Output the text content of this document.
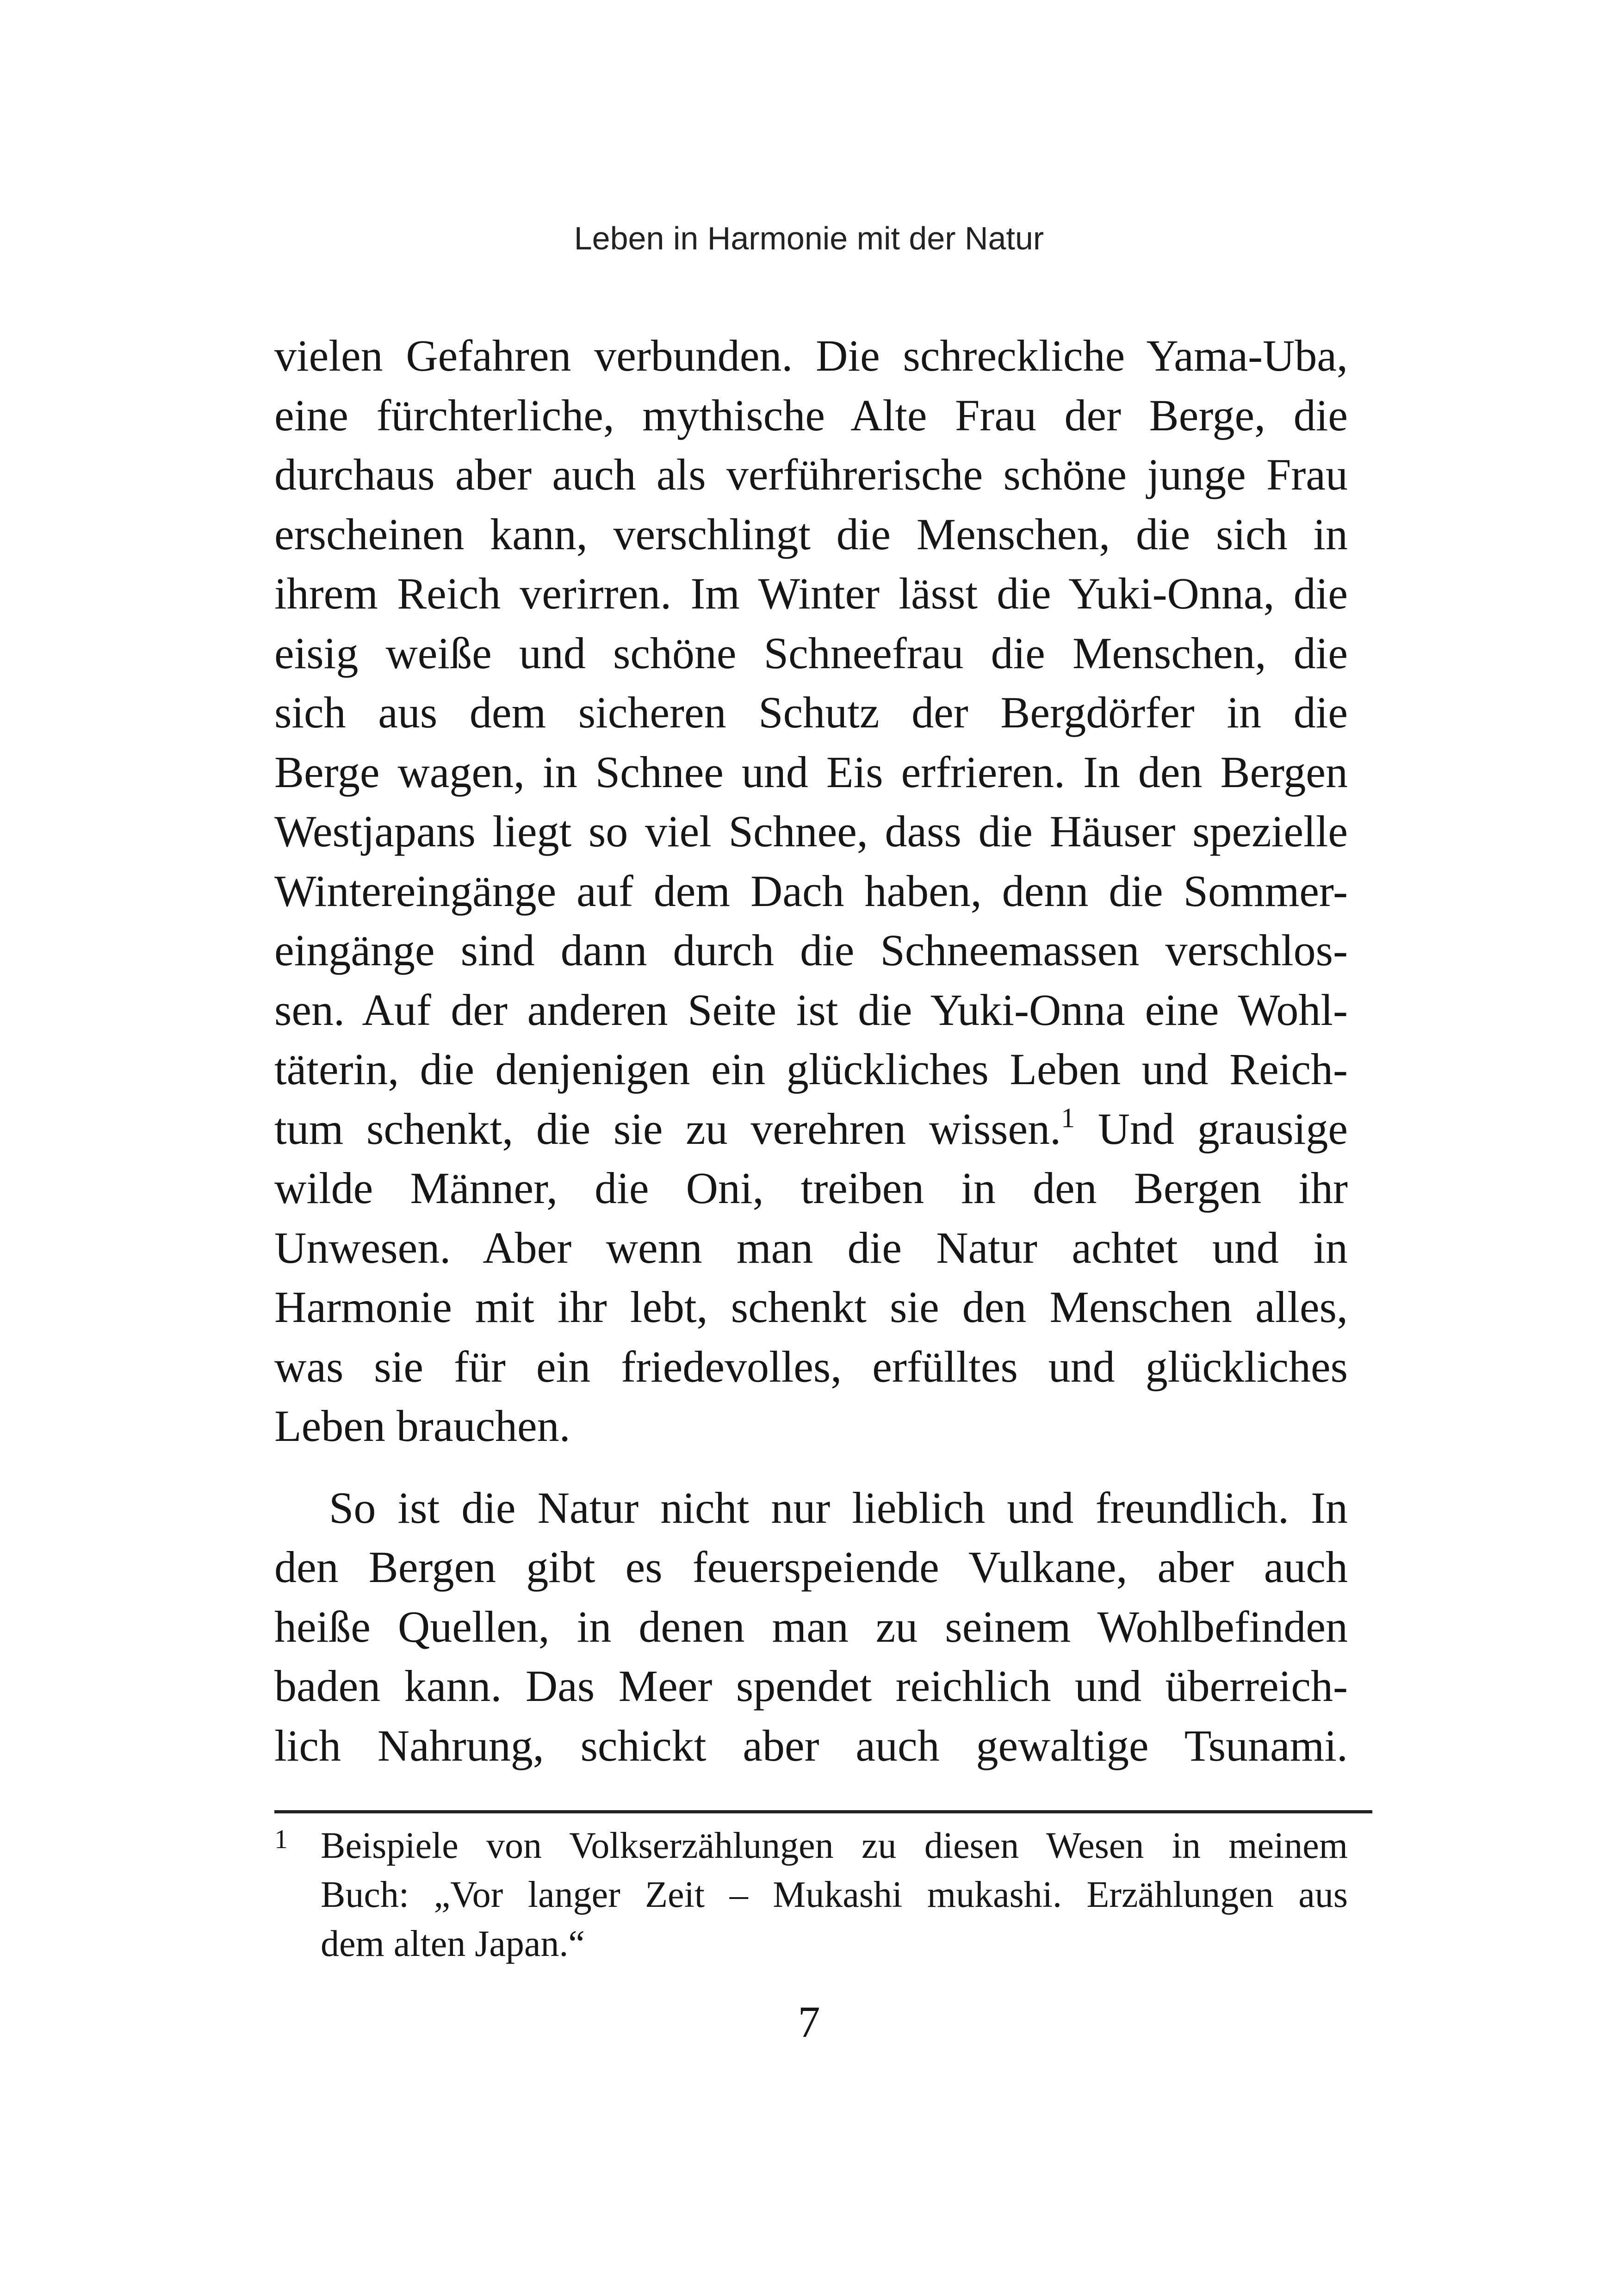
Leben in Harmonie mit der Natur

vielen Gefahren verbunden. Die schreckliche Yama-Uba,

eine fürchterliche, mythische Alte Frau der Berge, die

durchaus aber auch als verführerische schöne junge Frau

erscheinen kann, verschlingt die Menschen, die sich in

ihrem Reich verirren. Im Winter lässt die Yuki-Onna, die

eisig weiße und schöne Schneefrau die Menschen, die

sich aus dem sicheren Schutz der Bergdörfer in die

Berge wagen, in Schnee und Eis erfrieren. In den Bergen

Westjapans liegt so viel Schnee, dass die Häuser spezielle

Wintereingänge auf dem Dach haben, denn die Sommer-

eingänge sind dann durch die Schneemassen verschlos-

sen. Auf der anderen Seite ist die Yuki-Onna eine Wohl-

täterin, die denjenigen ein glückliches Leben und Reich-

tum schenkt, die sie zu verehren wissen.$^1$ Und grausige

wilde Männer, die Oni, treiben in den Bergen ihr

Unwesen. Aber wenn man die Natur achtet und in

Harmonie mit ihr lebt, schenkt sie den Menschen alles,

was sie für ein friedevolles, erfülltes und glückliches

Leben brauchen.

So ist die Natur nicht nur lieblich und freundlich. In

den Bergen gibt es feuerspeiende Vulkane, aber auch

heiße Quellen, in denen man zu seinem Wohlbefinden

baden kann. Das Meer spendet reichlich und überreich-

lich Nahrung, schickt aber auch gewaltige Tsunami.

1 Beispiele von Volkserzählungen zu diesen Wesen in meinem
Buch: „Vor langer Zeit – Mukashi mukashi. Erzählungen aus
dem alten Japan.“
7
